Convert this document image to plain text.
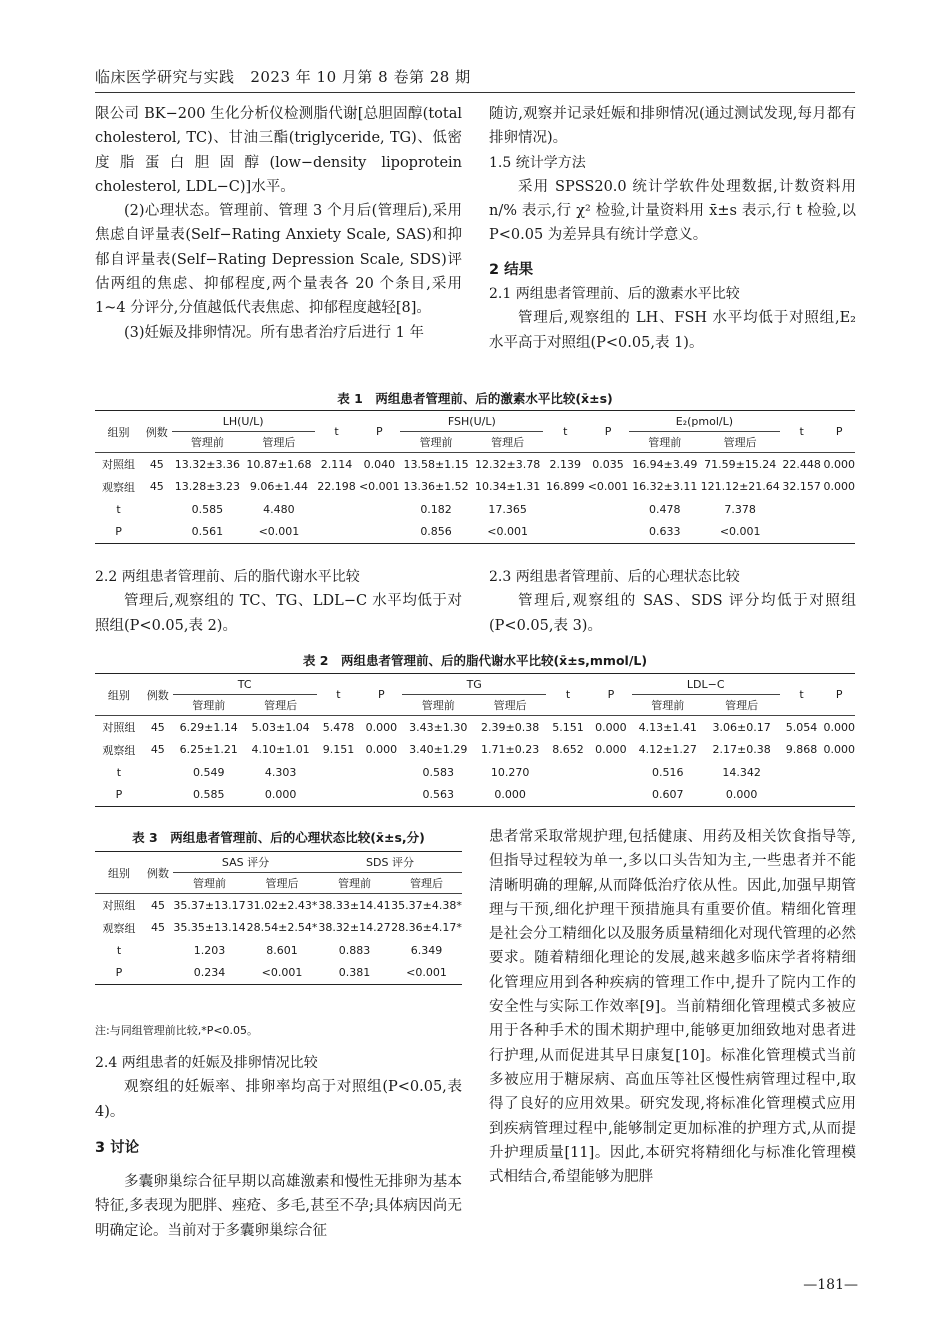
临床医学研究与实践 2023 年 10 月第 8 卷第 28 期

限公司 BK−200 生化分析仪检测脂代谢[总胆固醇(total cholesterol, TC)、甘油三酯(triglyceride, TG)、低密度脂蛋白胆固醇(low−density lipoprotein cholesterol, LDL−C)]水平。

(2)心理状态。管理前、管理 3 个月后(管理后),采用焦虑自评量表(Self−Rating Anxiety Scale, SAS)和抑郁自评量表(Self−Rating Depression Scale, SDS)评估两组的焦虑、抑郁程度,两个量表各 20 个条目,采用 1~4 分评分,分值越低代表焦虑、抑郁程度越轻[8]。

(3)妊娠及排卵情况。所有患者治疗后进行 1 年

随访,观察并记录妊娠和排卵情况(通过测试发现,每月都有排卵情况)。

1.5 统计学方法

采用 SPSS20.0 统计学软件处理数据,计数资料用 n/% 表示,行 χ² 检验,计量资料用 x̄±s 表示,行 t 检验,以 P<0.05 为差异具有统计学意义。

2 结果

2.1 两组患者管理前、后的激素水平比较

管理后,观察组的 LH、FSH 水平均低于对照组,E₂ 水平高于对照组(P<0.05,表 1)。

表 1　两组患者管理前、后的激素水平比较(x̄±s)
组别	例数	LH(U/L)		t	P	FSH(U/L)		t	P	E₂(pmol/L)		t	P
		管理前	管理后			管理前	管理后			管理前	管理后		
对照组	45	13.32±3.36	10.87±1.68	2.114	0.040	13.58±1.15	12.32±3.78	2.139	0.035	16.94±3.49	71.59±15.24	22.448	0.000
观察组	45	13.28±3.23	9.06±1.44	22.198	<0.001	13.36±1.52	10.34±1.31	16.899	<0.001	16.32±3.11	121.12±21.64	32.157	0.000
t		0.585	4.480			0.182	17.365			0.478	7.378		
P		0.561	<0.001			0.856	<0.001			0.633	<0.001		

2.2 两组患者管理前、后的脂代谢水平比较

管理后,观察组的 TC、TG、LDL−C 水平均低于对照组(P<0.05,表 2)。

2.3 两组患者管理前、后的心理状态比较

管理后,观察组的 SAS、SDS 评分均低于对照组(P<0.05,表 3)。

表 2　两组患者管理前、后的脂代谢水平比较(x̄±s,mmol/L)
组别	例数	TC		t	P	TG		t	P	LDL−C		t	P
		管理前	管理后			管理前	管理后			管理前	管理后		
对照组	45	6.29±1.14	5.03±1.04	5.478	0.000	3.43±1.30	2.39±0.38	5.151	0.000	4.13±1.41	3.06±0.17	5.054	0.000
观察组	45	6.25±1.21	4.10±1.01	9.151	0.000	3.40±1.29	1.71±0.23	8.652	0.000	4.12±1.27	2.17±0.38	9.868	0.000
t		0.549	4.303			0.583	10.270			0.516	14.342		
P		0.585	0.000			0.563	0.000			0.607	0.000		
表 3　两组患者管理前、后的心理状态比较(x̄±s,分)
组别	例数	SAS 评分		SDS 评分	
		管理前	管理后	管理前	管理后
对照组	45	35.37±13.17	31.02±2.43*	38.33±14.41	35.37±4.38*
观察组	45	35.35±13.14	28.54±2.54*	38.32±14.27	28.36±4.17*
t		1.203	8.601	0.883	6.349
P		0.234	<0.001	0.381	<0.001
注:与同组管理前比较,*P<0.05。

2.4 两组患者的妊娠及排卵情况比较

观察组的妊娠率、排卵率均高于对照组(P<0.05,表 4)。

3 讨论

多囊卵巢综合征早期以高雄激素和慢性无排卵为基本特征,多表现为肥胖、痤疮、多毛,甚至不孕;具体病因尚无明确定论。当前对于多囊卵巢综合征

患者常采取常规护理,包括健康、用药及相关饮食指导等,但指导过程较为单一,多以口头告知为主,一些患者并不能清晰明确的理解,从而降低治疗依从性。因此,加强早期管理与干预,细化护理干预措施具有重要价值。精细化管理是社会分工精细化以及服务质量精细化对现代管理的必然要求。随着精细化理论的发展,越来越多临床学者将精细化管理应用到各种疾病的管理工作中,提升了院内工作的安全性与实际工作效率[9]。当前精细化管理模式多被应用于各种手术的围术期护理中,能够更加细致地对患者进行护理,从而促进其早日康复[10]。标准化管理模式当前多被应用于糖尿病、高血压等社区慢性病管理过程中,取得了良好的应用效果。研究发现,将标准化管理模式应用到疾病管理过程中,能够制定更加标准的护理方式,从而提升护理质量[11]。因此,本研究将精细化与标准化管理模式相结合,希望能够为肥胖

—181—
